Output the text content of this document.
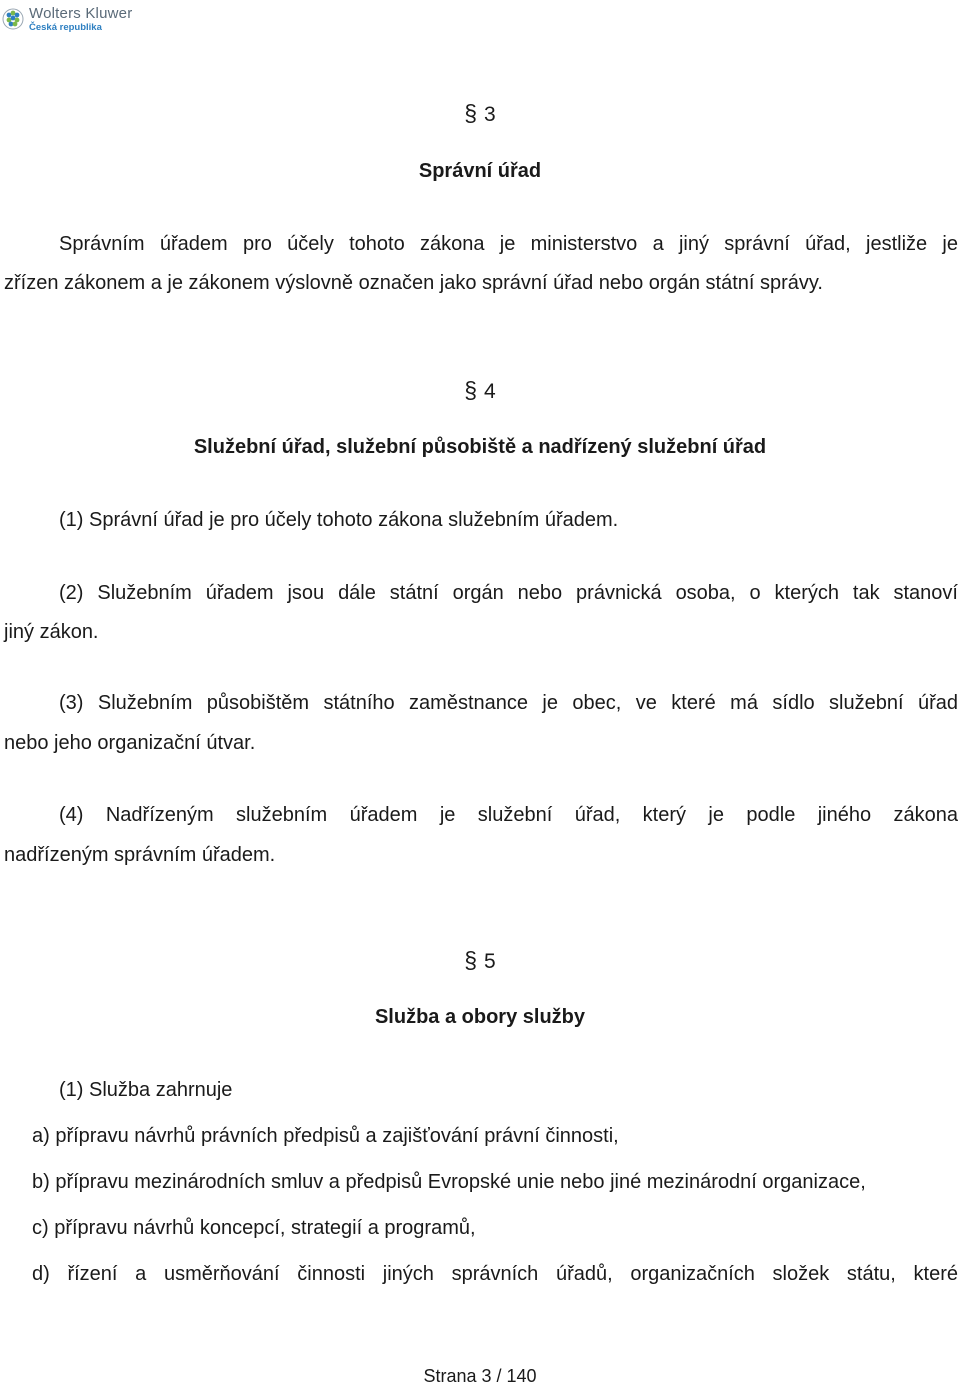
Wolters Kluwer
Česká republika
§ 3

Správní úřad

Správním úřadem pro účely tohoto zákona je ministerstvo a jiný správní úřad, jestliže je

zřízen zákonem a je zákonem výslovně označen jako správní úřad nebo orgán státní správy.

§ 4

Služební úřad, služební působiště a nadřízený služební úřad

(1) Správní úřad je pro účely tohoto zákona služebním úřadem.

(2) Služebním úřadem jsou dále státní orgán nebo právnická osoba, o kterých tak stanoví

jiný zákon.

(3) Služebním působištěm státního zaměstnance je obec, ve které má sídlo služební úřad

nebo jeho organizační útvar.

(4) Nadřízeným služebním úřadem je služební úřad, který je podle jiného zákona

nadřízeným správním úřadem.

§ 5

Služba a obory služby

(1) Služba zahrnuje

a) přípravu návrhů právních předpisů a zajišťování právní činnosti,

b) přípravu mezinárodních smluv a předpisů Evropské unie nebo jiné mezinárodní organizace,

c) přípravu návrhů koncepcí, strategií a programů,

d) řízení a usměrňování činnosti jiných správních úřadů, organizačních složek státu, které

Strana 3 / 140
